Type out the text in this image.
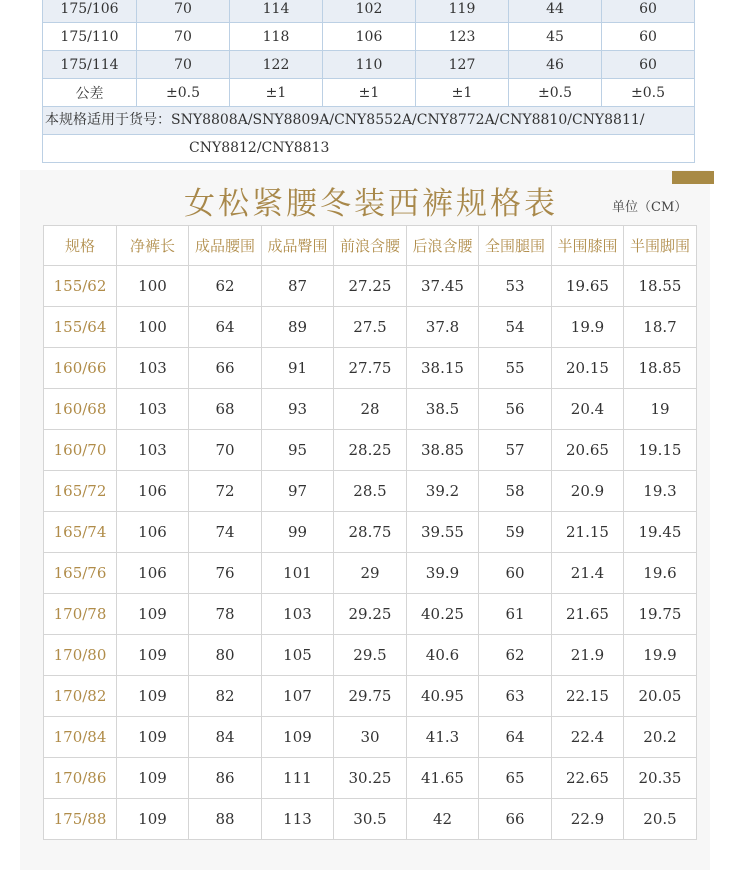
175/106	70	114	102	119	44	60
175/110	70	118	106	123	45	60
175/114	70	122	110	127	46	60
公差	±0.5	±1	±1	±1	±0.5	±0.5
本规格适用于货号：SNY8808A/SNY8809A/CNY8552A/CNY8772A/CNY8810/CNY8811/						
CNY8812/CNY8813						
女松紧腰冬装西裤规格表	单位（CM）
规格	净裤长	成品腰围	成品臀围	前浪含腰	后浪含腰	全围腿围	半围膝围	半围脚围
155/62	100	62	87	27.25	37.45	53	19.65	18.55
155/64	100	64	89	27.5	37.8	54	19.9	18.7
160/66	103	66	91	27.75	38.15	55	20.15	18.85
160/68	103	68	93	28	38.5	56	20.4	19
160/70	103	70	95	28.25	38.85	57	20.65	19.15
165/72	106	72	97	28.5	39.2	58	20.9	19.3
165/74	106	74	99	28.75	39.55	59	21.15	19.45
165/76	106	76	101	29	39.9	60	21.4	19.6
170/78	109	78	103	29.25	40.25	61	21.65	19.75
170/80	109	80	105	29.5	40.6	62	21.9	19.9
170/82	109	82	107	29.75	40.95	63	22.15	20.05
170/84	109	84	109	30	41.3	64	22.4	20.2
170/86	109	86	111	30.25	41.65	65	22.65	20.35
175/88	109	88	113	30.5	42	66	22.9	20.5
